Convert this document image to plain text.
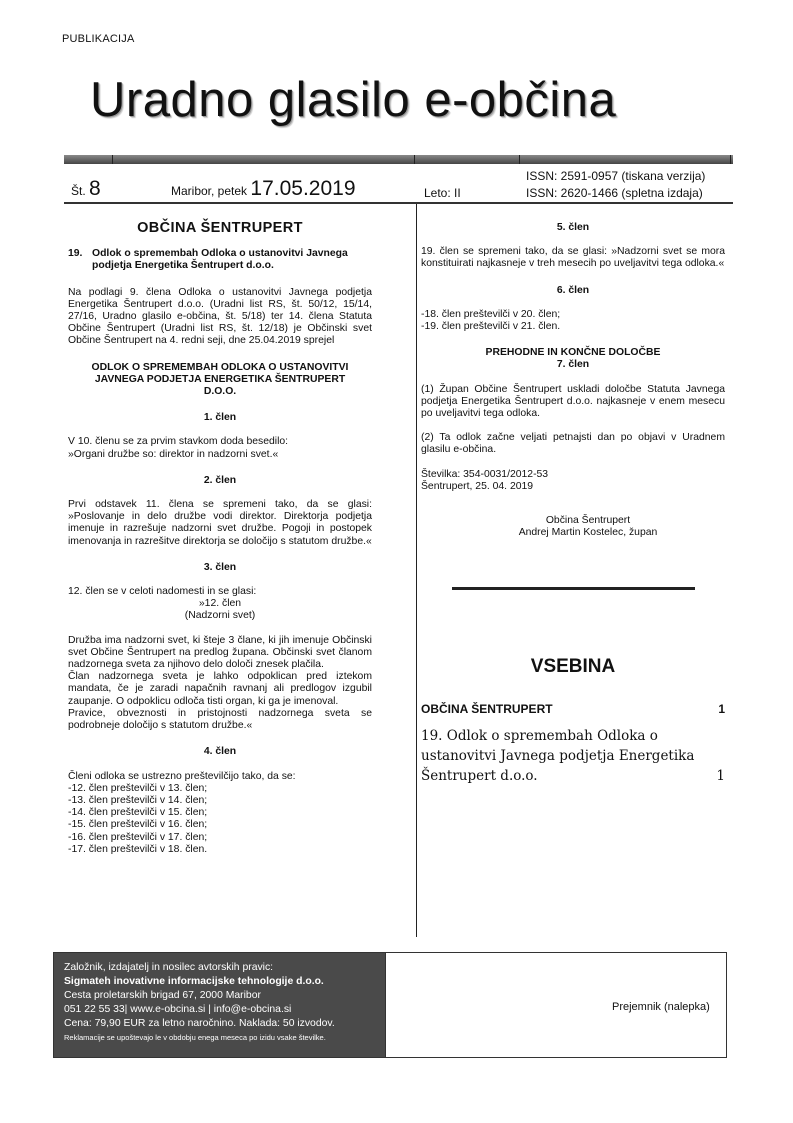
PUBLIKACIJA
Uradno glasilo e-občina
Št. 8	Maribor, petek 17.05.2019	Leto: II
ISSN: 2591-0957 (tiskana verzija)
ISSN: 2620-1466 (spletna izdaja)
OBČINA ŠENTRUPERT
19. Odlok o spremembah Odloka o ustanovitvi Javnega
podjetja Energetika Šentrupert d.o.o.

Na podlagi 9. člena Odloka o ustanovitvi Javnega podjetja Energetika Šentrupert d.o.o. (Uradni list RS, št. 50/12, 15/14, 27/16, Uradno glasilo e-občina, št. 5/18) ter 14. člena Statuta Občine Šentrupert (Uradni list RS, št. 12/18) je Občinski svet Občine Šentrupert na 4. redni seji, dne 25.04.2019 sprejel

ODLOK O SPREMEMBAH ODLOKA O USTANOVITVI JAVNEGA PODJETJA ENERGETIKA ŠENTRUPERT D.O.O.

1. člen

V 10. členu se za prvim stavkom doda besedilo:

»Organi družbe so: direktor in nadzorni svet.«

2. člen

Prvi odstavek 11. člena se spremeni tako, da se glasi: »Poslovanje in delo družbe vodi direktor. Direktorja podjetja imenuje in razrešuje nadzorni svet družbe. Pogoji in postopek imenovanja in razrešitve direktorja se določijo s statutom družbe.«

3. člen

12. člen se v celoti nadomesti in se glasi:

»12. člen

(Nadzorni svet)

Družba ima nadzorni svet, ki šteje 3 člane, ki jih imenuje Občinski svet Občine Šentrupert na predlog župana. Občinski svet članom nadzornega sveta za njihovo delo določi znesek plačila.

Član nadzornega sveta je lahko odpoklican pred iztekom mandata, če je zaradi napačnih ravnanj ali predlogov izgubil zaupanje. O odpoklicu odloča tisti organ, ki ga je imenoval.

Pravice, obveznosti in pristojnosti nadzornega sveta se podrobneje določijo s statutom družbe.«

4. člen

Členi odloka se ustrezno preštevilčijo tako, da se:

-12. člen preštevilči v 13. člen;

-13. člen preštevilči v 14. člen;

-14. člen preštevilči v 15. člen;

-15. člen preštevilči v 16. člen;

-16. člen preštevilči v 17. člen;

-17. člen preštevilči v 18. člen.

5. člen

19. člen se spremeni tako, da se glasi: »Nadzorni svet se mora konstituirati najkasneje v treh mesecih po uveljavitvi tega odloka.«

6. člen

-18. člen preštevilči v 20. člen;

-19. člen preštevilči v 21. člen.

PREHODNE IN KONČNE DOLOČBE

7. člen

(1) Župan Občine Šentrupert uskladi določbe Statuta Javnega podjetja Energetika Šentrupert d.o.o. najkasneje v enem mesecu po uveljavitvi tega odloka.

(2) Ta odlok začne veljati petnajsti dan po objavi v Uradnem glasilu e-občina.

Številka: 354-0031/2012-53

Šentrupert, 25. 04. 2019

Občina Šentrupert

Andrej Martin Kostelec, župan

VSEBINA
OBČINA ŠENTRUPERT	1
19. Odlok o spremembah Odloka o
ustanovitvi Javnega podjetja Energetika
Šentrupert d.o.o.	1
Založnik, izdajatelj in nosilec avtorskih pravic:
Sigmateh inovativne informacijske tehnologije d.o.o.
Cesta proletarskih brigad 67, 2000 Maribor
051 22 55 33| www.e-obcina.si | info@e-obcina.si
Cena: 79,90 EUR za letno naročnino. Naklada: 50 izvodov.
Reklamacije se upoštevajo le v obdobju enega meseca po izidu vsake številke.
Prejemnik (nalepka)
